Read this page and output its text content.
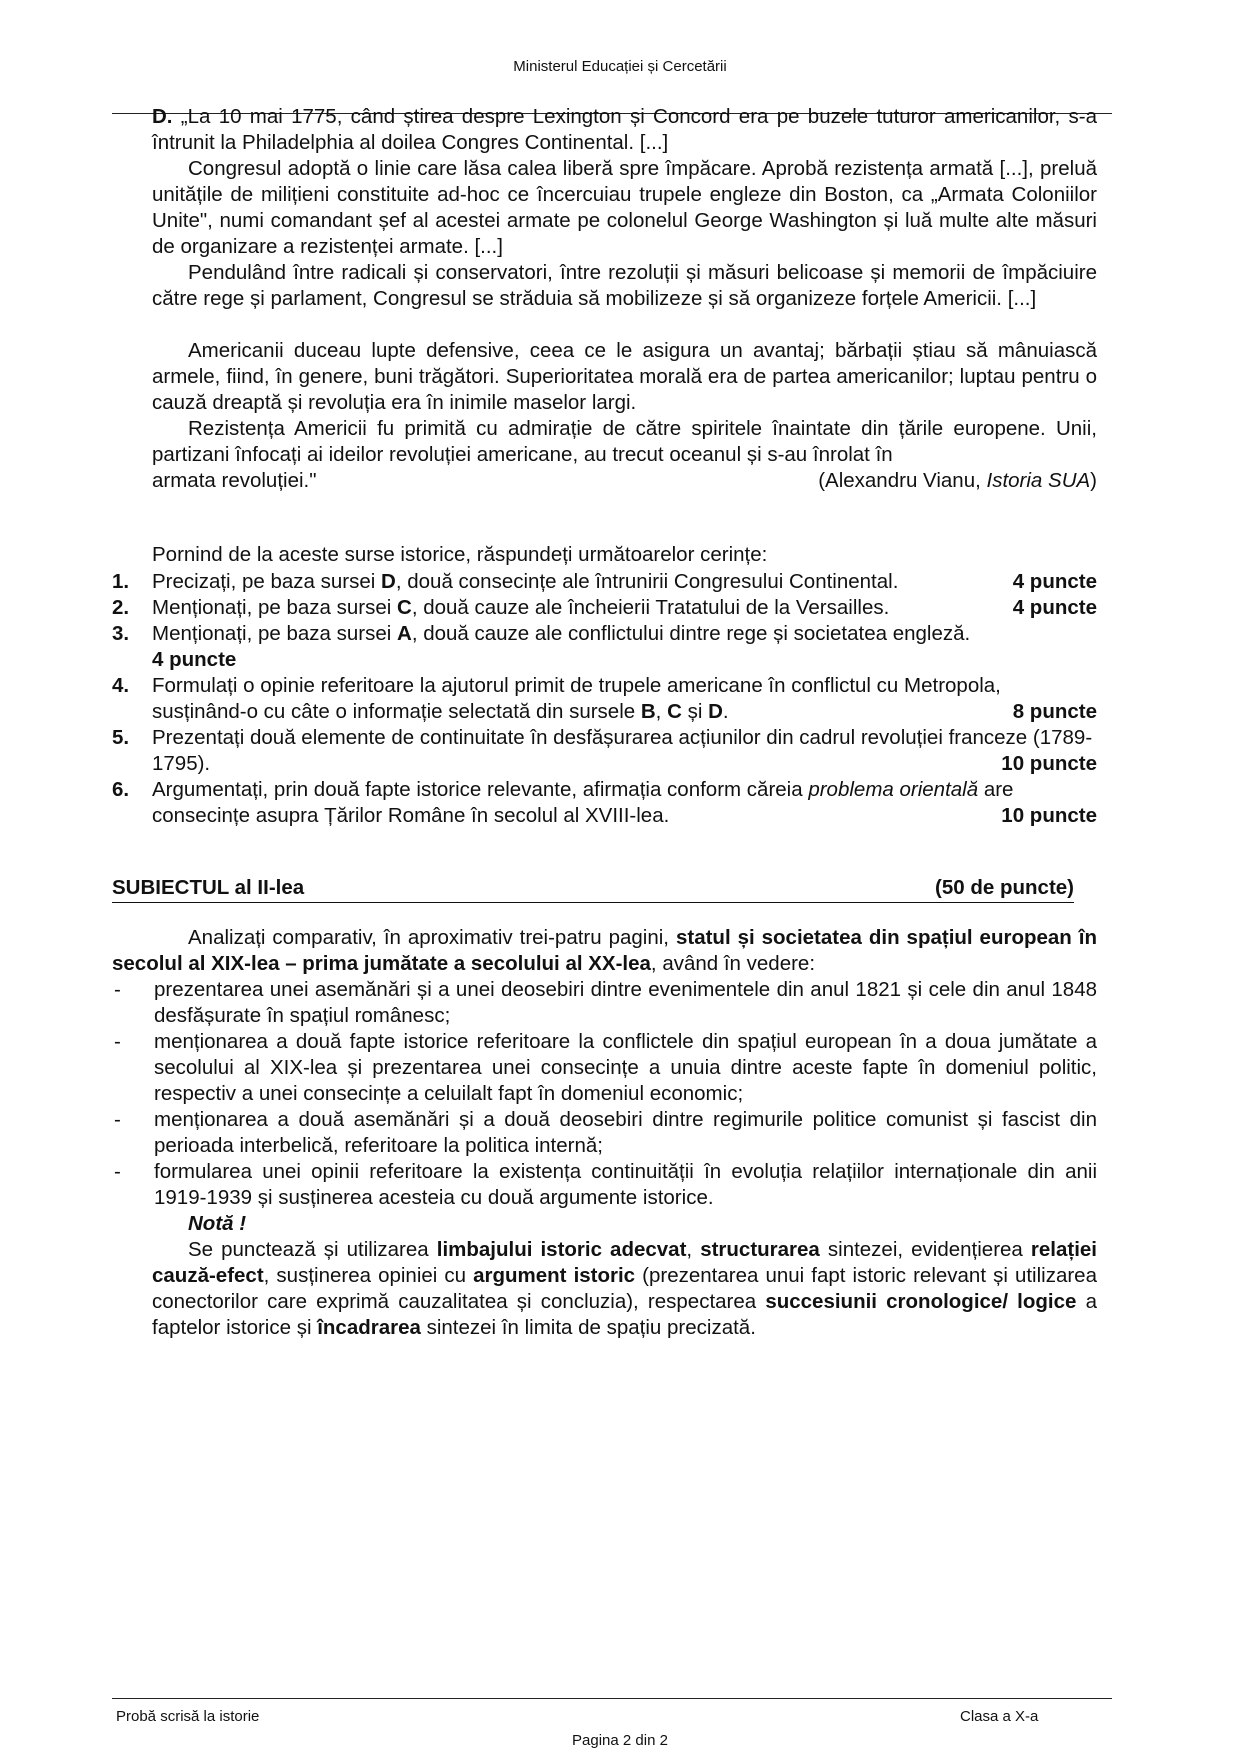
Ministerul Educației și Cercetării

D. „La 10 mai 1775, când știrea despre Lexington și Concord era pe buzele tuturor americanilor, s-a întrunit la Philadelphia al doilea Congres Continental. [...]

Congresul adoptă o linie care lăsa calea liberă spre împăcare. Aprobă rezistența armată [...], preluă unitățile de milițieni constituite ad-hoc ce încercuiau trupele engleze din Boston, ca „Armata Coloniilor Unite", numi comandant șef al acestei armate pe colonelul George Washington și luă multe alte măsuri de organizare a rezistenței armate. [...]

Pendulând între radicali și conservatori, între rezoluții și măsuri belicoase și memorii de împăciuire către rege și parlament, Congresul se străduia să mobilizeze și să organizeze forțele Americii. [...]

Americanii duceau lupte defensive, ceea ce le asigura un avantaj; bărbații știau să mânuiască armele, fiind, în genere, buni trăgători. Superioritatea morală era de partea americanilor; luptau pentru o cauză dreaptă și revoluția era în inimile maselor largi.

Rezistența Americii fu primită cu admirație de către spiritele înaintate din țările europene. Unii, partizani înfocați ai ideilor revoluției americane, au trecut oceanul și s-au înrolat în

armata revoluției."	(Alexandru Vianu, Istoria SUA)
Pornind de la aceste surse istorice, răspundeți următoarelor cerințe:
1.	Precizați, pe baza sursei D, două consecințe ale întrunirii Congresului Continental.	4 puncte
2.	Menționați, pe baza sursei C, două cauze ale încheierii Tratatului de la Versailles.	4 puncte
3.	Menționați, pe baza sursei A, două cauze ale conflictului dintre rege și societatea engleză.
4 puncte
4.	Formulați o opinie referitoare la ajutorul primit de trupele americane în conflictul cu Metropola, susținând-o cu câte o informație selectată din sursele B, C și D.	8 puncte
5.	Prezentați două elemente de continuitate în desfășurarea acțiunilor din cadrul revoluției franceze (1789-1795).	10 puncte
6.	Argumentați, prin două fapte istorice relevante, afirmația conform căreia problema orientală are consecințe asupra Țărilor Române în secolul al XVIII-lea.	10 puncte
SUBIECTUL al II-lea	(50 de puncte)
Analizați comparativ, în aproximativ trei-patru pagini, statul și societatea din spațiul european în secolul al XIX-lea – prima jumătate a secolului al XX-lea, având în vedere:
-	prezentarea unei asemănări și a unei deosebiri dintre evenimentele din anul 1821 și cele din anul 1848 desfășurate în spațiul românesc;
-	menționarea a două fapte istorice referitoare la conflictele din spațiul european în a doua jumătate a secolului al XIX-lea și prezentarea unei consecințe a unuia dintre aceste fapte în domeniul politic, respectiv a unei consecințe a celuilalt fapt în domeniul economic;
-	menționarea a două asemănări și a două deosebiri dintre regimurile politice comunist și fascist din perioada interbelică, referitoare la politica internă;
-	formularea unei opinii referitoare la existența continuității în evoluția relațiilor internaționale din anii 1919-1939 și susținerea acesteia cu două argumente istorice.
Notă !
Se punctează și utilizarea limbajului istoric adecvat, structurarea sintezei, evidențierea relației cauză-efect, susținerea opiniei cu argument istoric (prezentarea unui fapt istoric relevant și utilizarea conectorilor care exprimă cauzalitatea și concluzia), respectarea succesiunii cronologice/ logice a faptelor istorice și încadrarea sintezei în limita de spațiu precizată.
Probă scrisă la istorie	Clasa a X-a
Pagina 2 din 2
